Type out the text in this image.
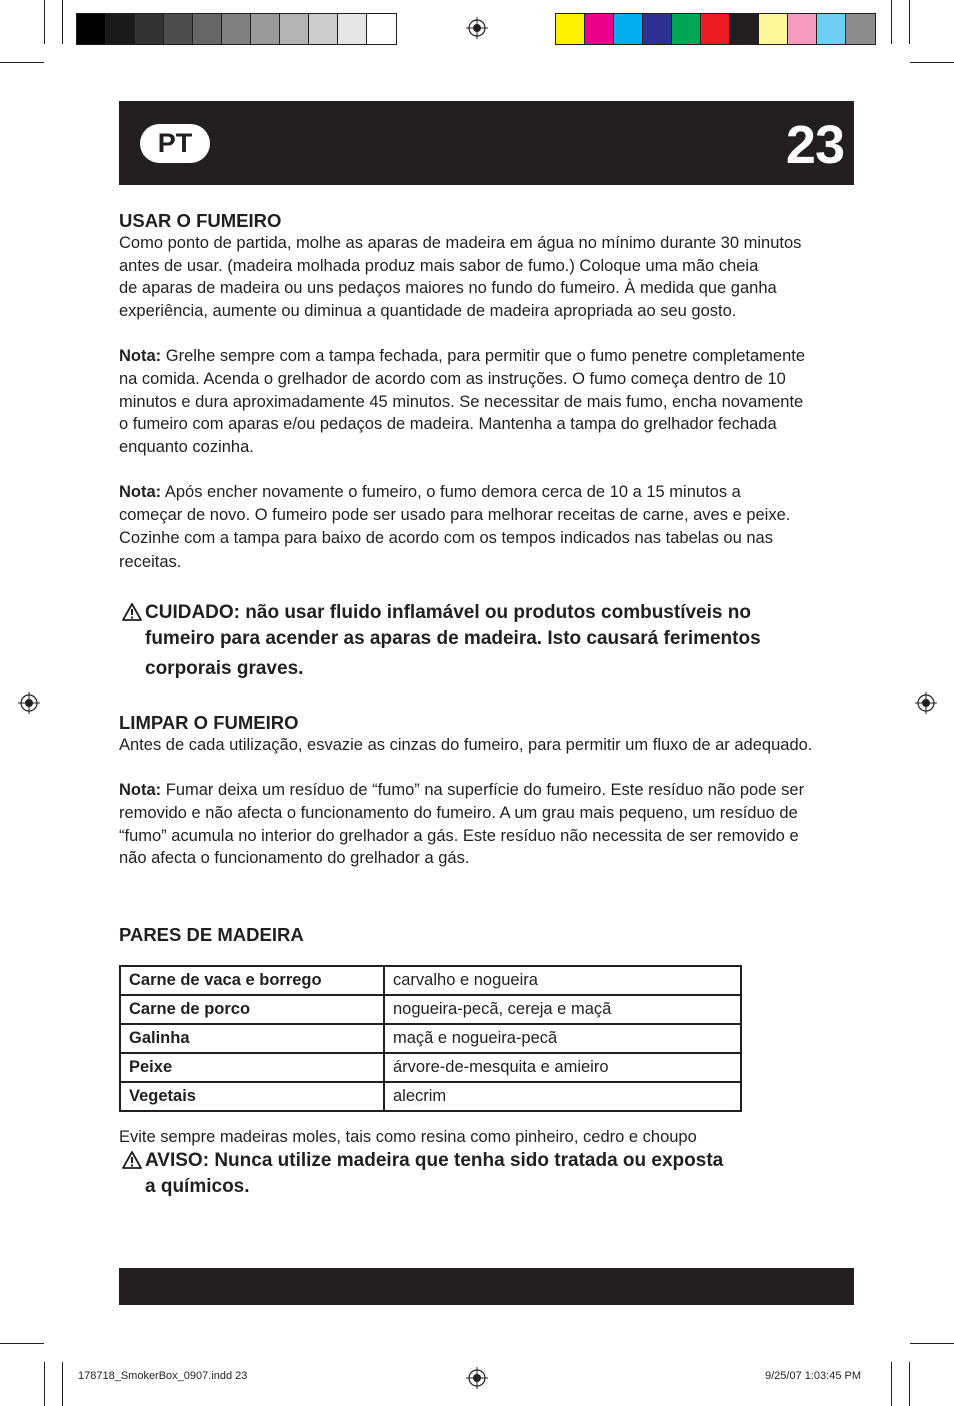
PT	23
USAR O FUMEIRO

Como ponto de partida, molhe as aparas de madeira em água no mínimo durante 30 minutos

antes de usar. (madeira molhada produz mais sabor de fumo.) Coloque uma mão cheia

de aparas de madeira ou uns pedaços maiores no fundo do fumeiro. À medida que ganha

experiência, aumente ou diminua a quantidade de madeira apropriada ao seu gosto.

Nota: Grelhe sempre com a tampa fechada, para permitir que o fumo penetre completamente

na comida. Acenda o grelhador de acordo com as instruções. O fumo começa dentro de 10

minutos e dura aproximadamente 45 minutos. Se necessitar de mais fumo, encha novamente

o fumeiro com aparas e/ou pedaços de madeira. Mantenha a tampa do grelhador fechada

enquanto cozinha.

Nota: Após encher novamente o fumeiro, o fumo demora cerca de 10 a 15 minutos a

começar de novo. O fumeiro pode ser usado para melhorar receitas de carne, aves e peixe.

Cozinhe com a tampa para baixo de acordo com os tempos indicados nas tabelas ou nas

receitas.

CUIDADO: não usar fluido inflamável ou produtos combustíveis no
fumeiro para acender as aparas de madeira. Isto causará ferimentos
corporais graves.
LIMPAR O FUMEIRO

Antes de cada utilização, esvazie as cinzas do fumeiro, para permitir um fluxo de ar adequado.

Nota: Fumar deixa um resíduo de “fumo” na superfície do fumeiro. Este resíduo não pode ser

removido e não afecta o funcionamento do fumeiro. A um grau mais pequeno, um resíduo de

“fumo” acumula no interior do grelhador a gás. Este resíduo não necessita de ser removido e

não afecta o funcionamento do grelhador a gás.

PARES DE MADEIRA
Carne de vaca e borrego	carvalho e nogueira
Carne de porco	nogueira-pecã, cereja e maçã
Galinha	maçã e nogueira-pecã
Peixe	árvore-de-mesquita e amieiro
Vegetais	alecrim

Evite sempre madeiras moles, tais como resina como pinheiro, cedro e choupo

AVISO: Nunca utilize madeira que tenha sido tratada ou exposta
a químicos.
178718_SmokerBox_0907.indd 23	9/25/07 1:03:45 PM
